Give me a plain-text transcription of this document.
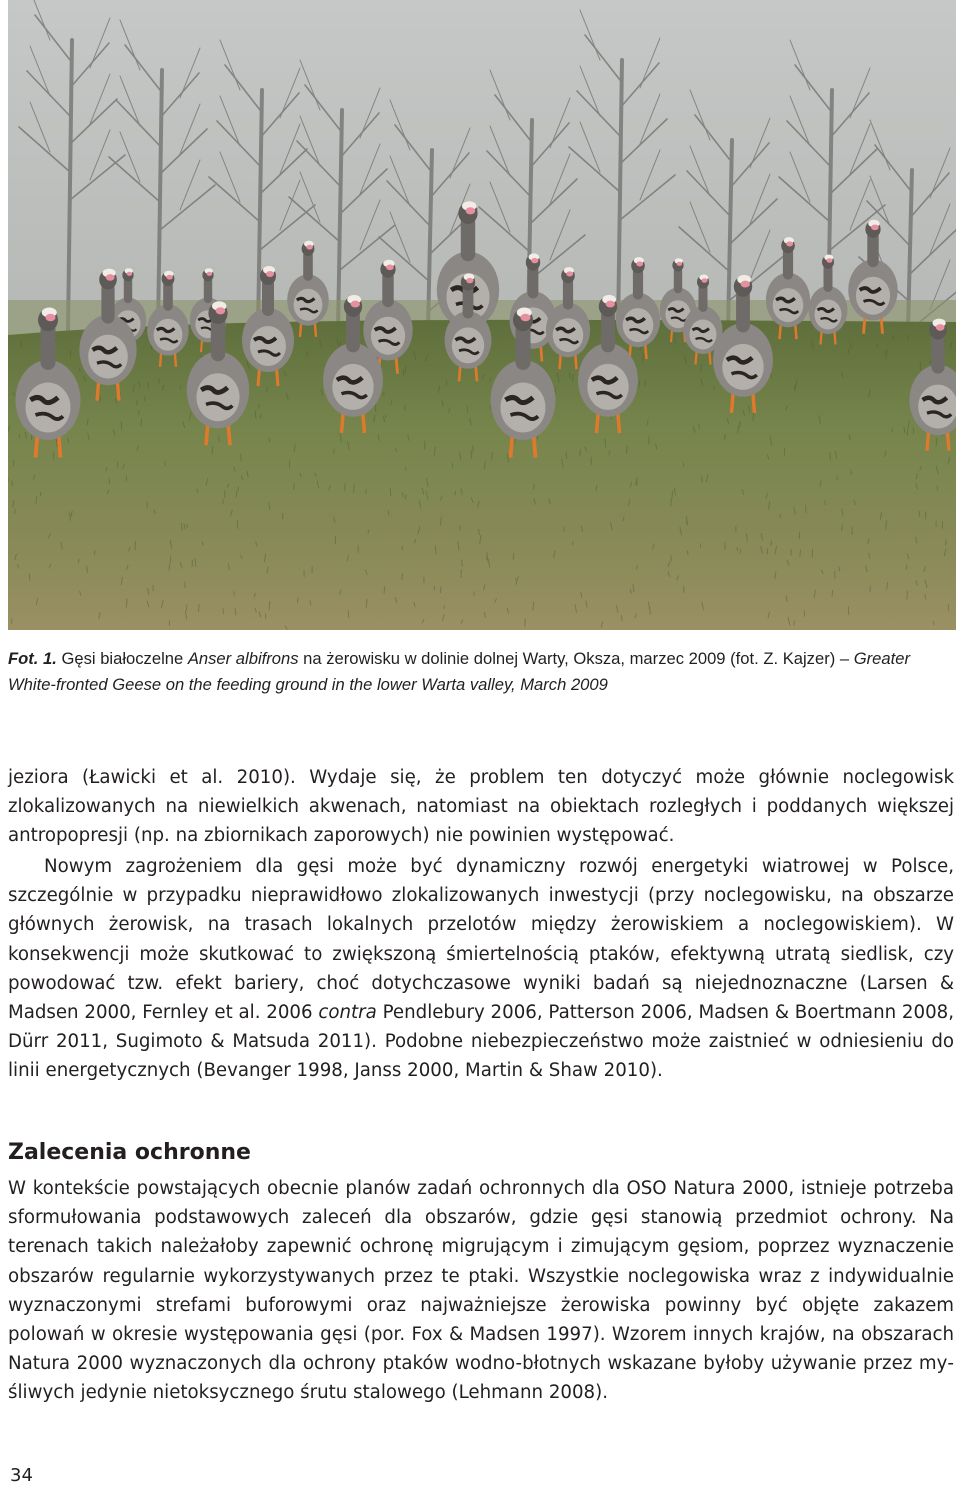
Fot. 1. Gęsi białoczelne Anser albifrons na żerowisku w dolinie dolnej Warty, Oksza, marzec 2009 (fot. Z. Kajzer) – Greater White-fronted Geese on the feeding ground in the lower Warta valley, March 2009
jeziora (Ławicki et al. 2010). Wydaje się, że problem ten dotyczyć może głównie noclegowisk zlokalizowanych na niewielkich akwenach, natomiast na obiektach rozległych i poddanych większej antropopresji (np. na zbiornikach zaporowych) nie powinien występować.
Nowym zagrożeniem dla gęsi może być dynamiczny rozwój energetyki wiatrowej w Polsce, szczególnie w przypadku nieprawidłowo zlokalizowanych inwestycji (przy noclegowisku, na obszarze głównych żerowisk, na trasach lokalnych przelotów między żerowiskiem a noclegowiskiem). W konsekwencji może skutkować to zwiększoną śmiertelnością ptaków, efektywną utratą siedlisk, czy powodować tzw. efekt bariery, choć dotychczasowe wyniki badań są niejednoznaczne (Larsen & Madsen 2000, Fernley et al. 2006 contra Pendlebury 2006, Patterson 2006, Madsen & Boertmann 2008, Dürr 2011, Sugimoto & Matsuda 2011). Podobne niebezpieczeństwo może zaistnieć w odniesieniu do linii energetycznych (Bevanger 1998, Janss 2000, Martin & Shaw 2010).
Zalecenia ochronne
W kontekście powstających obecnie planów zadań ochronnych dla OSO Natura 2000, istnieje potrzeba sformułowania podstawowych zaleceń dla obszarów, gdzie gęsi stanowią przedmiot ochrony. Na terenach takich należałoby zapewnić ochronę migrującym i zimującym gęsiom, poprzez wyznaczenie obszarów regularnie wykorzystywanych przez te ptaki. Wszystkie noclegowiska wraz z indywidualnie wyznaczonymi strefami buforowymi oraz najważniejsze żerowiska powinny być objęte zakazem polowań w okresie występowania gęsi (por. Fox & Madsen 1997). Wzorem innych krajów, na obszarach Natura 2000 wyznaczonych dla ochrony ptaków wodno-błotnych wskazane byłoby używanie przez myśliwych jedynie nietoksycznego śrutu stalowego (Lehmann 2008).
34
